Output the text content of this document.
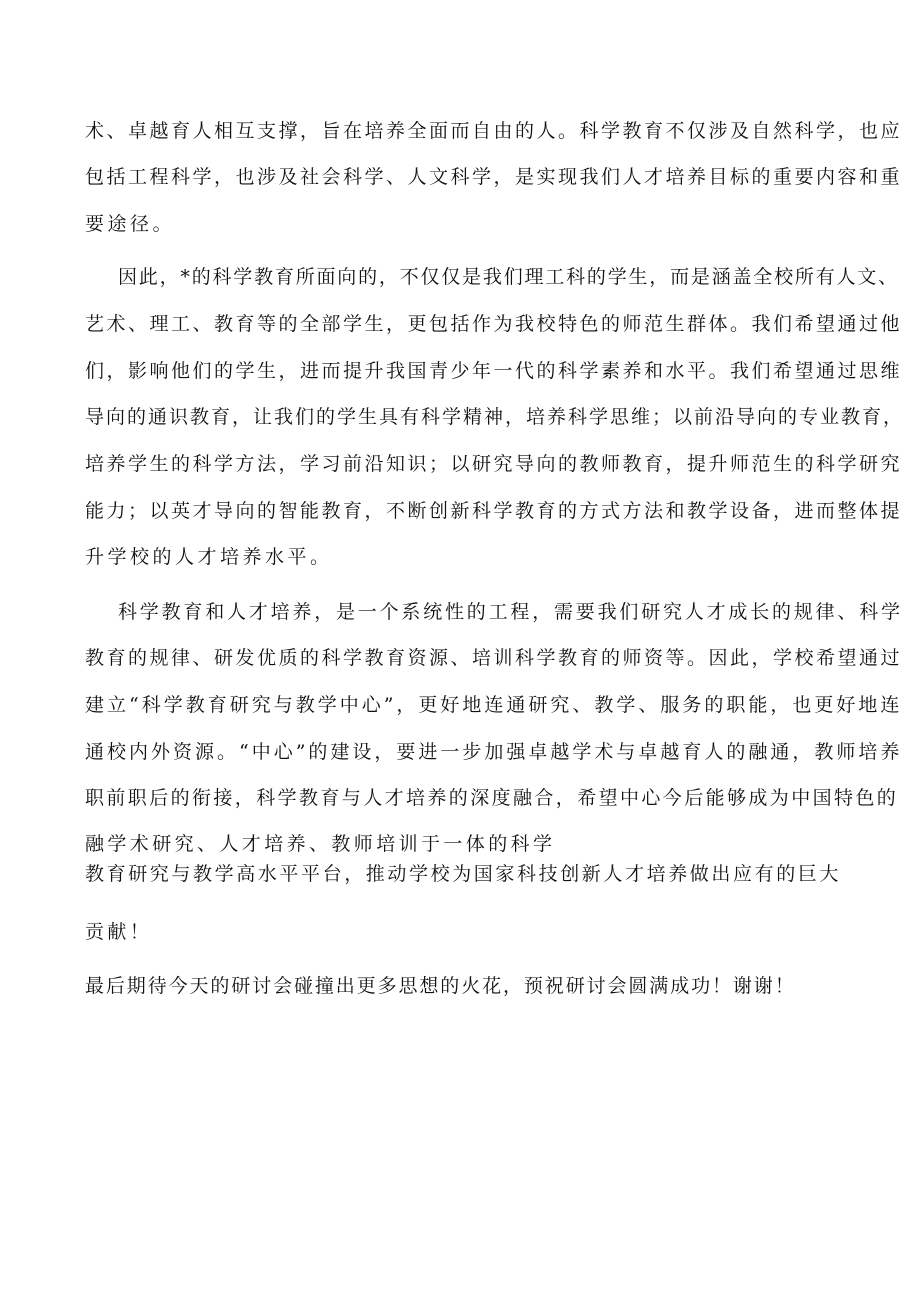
术、卓越育人相互支撑，旨在培养全面而自由的人。科学教育不仅涉及自然科学，也应
包括工程科学，也涉及社会科学、人文科学，是实现我们人才培养目标的重要内容和重
要途径。
因此，*的科学教育所面向的，不仅仅是我们理工科的学生，而是涵盖全校所有人文、
艺术、理工、教育等的全部学生，更包括作为我校特色的师范生群体。我们希望通过他
们，影响他们的学生，进而提升我国青少年一代的科学素养和水平。我们希望通过思维
导向的通识教育，让我们的学生具有科学精神，培养科学思维；以前沿导向的专业教育，
培养学生的科学方法，学习前沿知识；以研究导向的教师教育，提升师范生的科学研究
能力；以英才导向的智能教育，不断创新科学教育的方式方法和教学设备，进而整体提
升学校的人才培养水平。
科学教育和人才培养，是一个系统性的工程，需要我们研究人才成长的规律、科学
教育的规律、研发优质的科学教育资源、培训科学教育的师资等。因此，学校希望通过
建立“科学教育研究与教学中心”，更好地连通研究、教学、服务的职能，也更好地连
通校内外资源。“中心”的建设，要进一步加强卓越学术与卓越育人的融通，教师培养
职前职后的衔接，科学教育与人才培养的深度融合，希望中心今后能够成为中国特色的
融学术研究、人才培养、教师培训于一体的科学
教育研究与教学高水平平台，推动学校为国家科技创新人才培养做出应有的巨大
贡献！
最后期待今天的研讨会碰撞出更多思想的火花，预祝研讨会圆满成功！谢谢！
